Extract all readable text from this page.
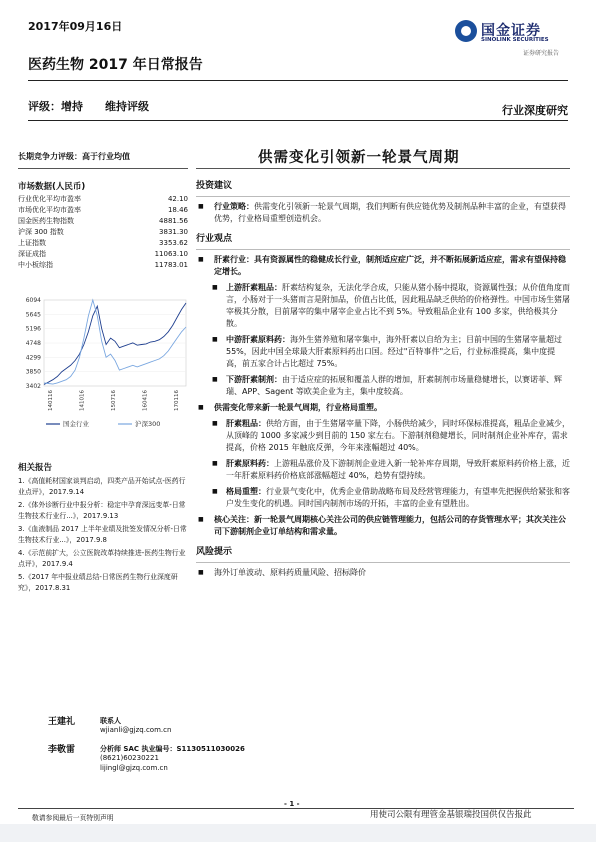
2017年09月16日	国金证券
SINOLINK SECURITIES
证券研究报告
医药生物 2017 年日常报告
评级：增持 维持评级	行业深度研究
长期竞争力评级：高于行业均值	供需变化引领新一轮景气周期
市场数据(人民币)
行业优化平均市盈率	42.10
市场优化平均市盈率	18.46
国金医药生物指数	4881.56
沪深 300 指数	3831.30
上证指数	3353.62
深证成指	11063.10
中小板综指	11783.01
6094
5645
5196
4748
4299
3850
3402
140116	141016	150716	160416	170116
国金行业	沪深300
相关报告

1.《高值耗材国家谈判启动，四类产品开始试点-医药行业点评》，2017.9.14

2.《体外诊断行业中报分析：稳定中孕育深远变革-日常生物技术行业行...》，2017.9.13

3.《血液制品 2017 上半年业绩及批签发情况分析-日常生物技术行业...》，2017.9.8

4.《示范前扩大，公立医院改革持续推进-医药生物行业点评》，2017.9.4

5.《2017 年中报业绩总结-日常医药生物行业深度研究》，2017.8.31

投资建议

■	行业策略：供需变化引领新一轮景气周期，我们判断有供应链优势及制剂品种丰富的企业，有望获得优势，行业格局重塑创造机会。

行业观点

■	肝素行业：具有资源属性的稳健成长行业，制剂适应症广泛，并不断拓展新适应症，需求有望保持稳定增长。
■	上游肝素粗品：肝素结构复杂，无法化学合成，只能从猪小肠中提取，资源属性强；从价值角度而言，小肠对于一头猪而言是附加品，价值占比低，因此粗品缺乏供给的价格弹性。中国市场生猪屠宰极其分散，目前屠宰的集中屠宰企业占比不到 5%。导致粗品企业有 100 多家，供给极其分散。
■	中游肝素原料药：海外生猪养殖和屠宰集中，海外肝素以自给为主；目前中国的生猪屠宰量超过 55%，因此中国全球最大肝素原料药出口国。经过"百特事件"之后，行业标准提高，集中度提高，前五家合计占比超过 75%。
■	下游肝素制剂：由于适应症的拓展和覆盖人群的增加，肝素制剂市场量稳健增长，以赛诺菲、辉瑞、APP、Sagent 等欧美企业为主，集中度较高。
■	供需变化带来新一轮景气周期，行业格局重塑。
■	肝素粗品：供给方面，由于生猪屠宰量下降，小肠供给减少，同时环保标准提高，粗品企业减少，从顶峰的 1000 多家减少到目前的 150 家左右。下游制剂稳健增长，同时制剂企业补库存，需求提高，价格 2015 年触底反弹，今年来涨幅超过 40%。
■	肝素原料药：上游粗品涨价及下游制剂企业进入新一轮补库存周期，导致肝素原料药价格上涨，近一年肝素原料药价格底部涨幅超过 40%，趋势有望持续。
■	格局重塑：行业景气变化中，优秀企业借助战略布局及经营管理能力，有望率先把握供给紧张和客户发生变化的机遇。同时国内制剂市场的开拓，丰富的企业有望胜出。
■	核心关注：新一轮景气周期核心关注公司的供应链管理能力，包括公司的存货管理水平；其次关注公司下游制剂企业订单结构和需求量。

风险提示

■	海外订单波动、原料药质量风险、招标降价
王建礼	联系人
wjianli@gjzq.com.cn
李敬雷	分析师 SAC 执业编号：S1130511030026
(8621)60230221
lijingl@gjzq.com.cn
- 1 -
敬请参阅最后一页特别声明	用使司公限有理管金基银瑞投国供仅告报此
